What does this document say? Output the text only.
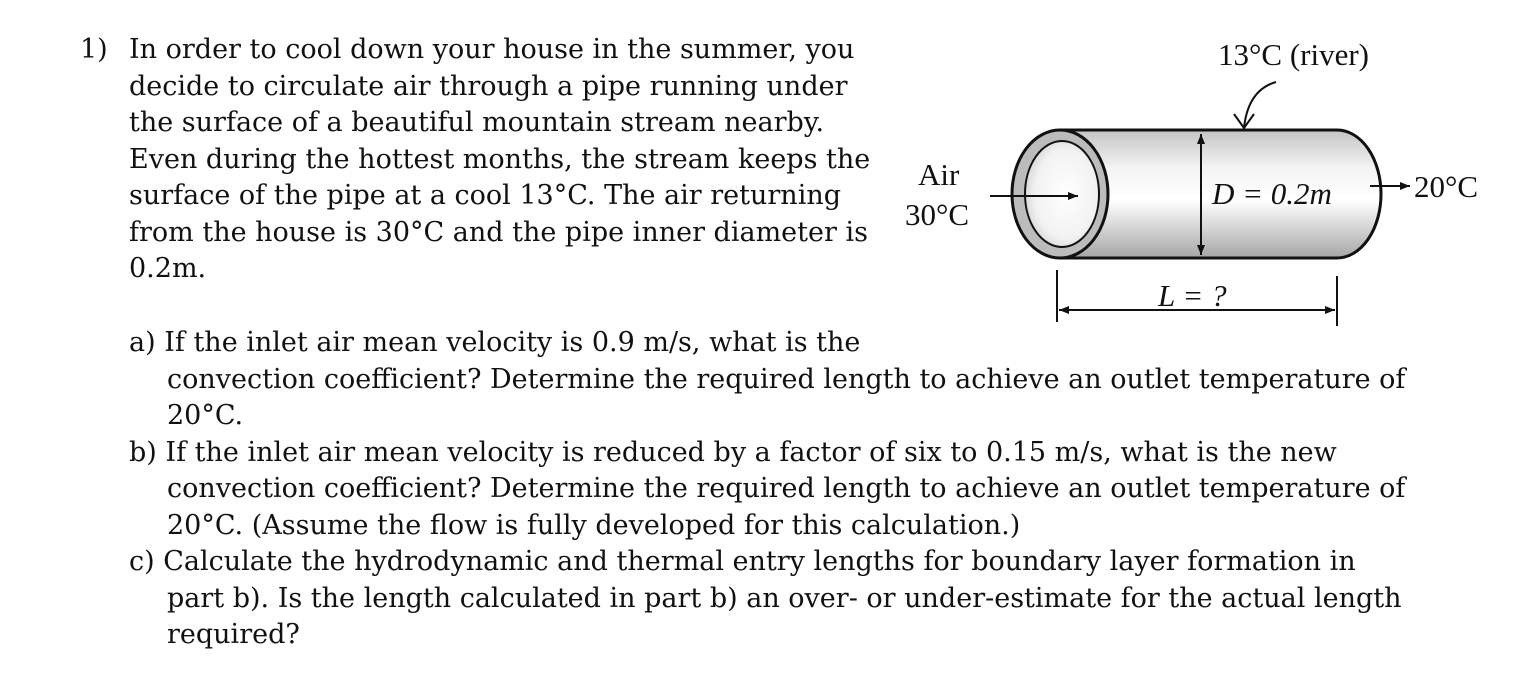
1) In order to cool down your house in the summer, you
decide to circulate air through a pipe running under
the surface of a beautiful mountain stream nearby.
Even during the hottest months, the stream keeps the
surface of the pipe at a cool 13°C. The air returning
from the house is 30°C and the pipe inner diameter is
0.2m.
13°C (river)
Air
30°C
D = 0.2m	20°C
L = ?
a) If the inlet air mean velocity is 0.9 m/s, what is the
convection coefficient? Determine the required length to achieve an outlet temperature of
20°C.
b) If the inlet air mean velocity is reduced by a factor of six to 0.15 m/s, what is the new
convection coefficient? Determine the required length to achieve an outlet temperature of
20°C. (Assume the flow is fully developed for this calculation.)
c) Calculate the hydrodynamic and thermal entry lengths for boundary layer formation in
part b). Is the length calculated in part b) an over- or under-estimate for the actual length
required?
